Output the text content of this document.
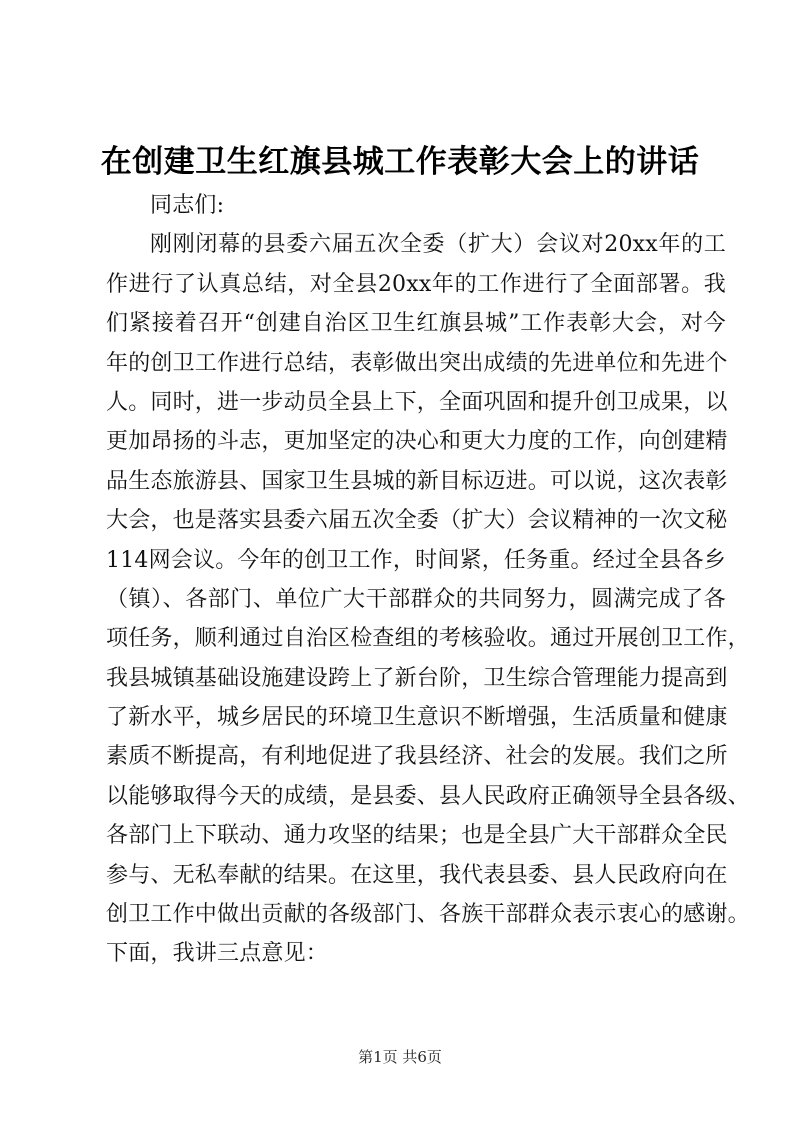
在创建卫生红旗县城工作表彰大会上的讲话
同志们:
刚刚闭幕的县委六届五次全委（扩大）会议对20xx年的工
作进行了认真总结，对全县20xx年的工作进行了全面部署。我
们紧接着召开“创建自治区卫生红旗县城”工作表彰大会，对今
年的创卫工作进行总结，表彰做出突出成绩的先进单位和先进个
人。同时，进一步动员全县上下，全面巩固和提升创卫成果，以
更加昂扬的斗志，更加坚定的决心和更大力度的工作，向创建精
品生态旅游县、国家卫生县城的新目标迈进。可以说，这次表彰
大会，也是落实县委六届五次全委（扩大）会议精神的一次文秘
114网会议。今年的创卫工作，时间紧，任务重。经过全县各乡
（镇）、各部门、单位广大干部群众的共同努力，圆满完成了各
项任务，顺利通过自治区检查组的考核验收。通过开展创卫工作，
我县城镇基础设施建设跨上了新台阶，卫生综合管理能力提高到
了新水平，城乡居民的环境卫生意识不断增强，生活质量和健康
素质不断提高，有利地促进了我县经济、社会的发展。我们之所
以能够取得今天的成绩，是县委、县人民政府正确领导全县各级、
各部门上下联动、通力攻坚的结果；也是全县广大干部群众全民
参与、无私奉献的结果。在这里，我代表县委、县人民政府向在
创卫工作中做出贡献的各级部门、各族干部群众表示衷心的感谢。
下面，我讲三点意见：
第1页 共6页
